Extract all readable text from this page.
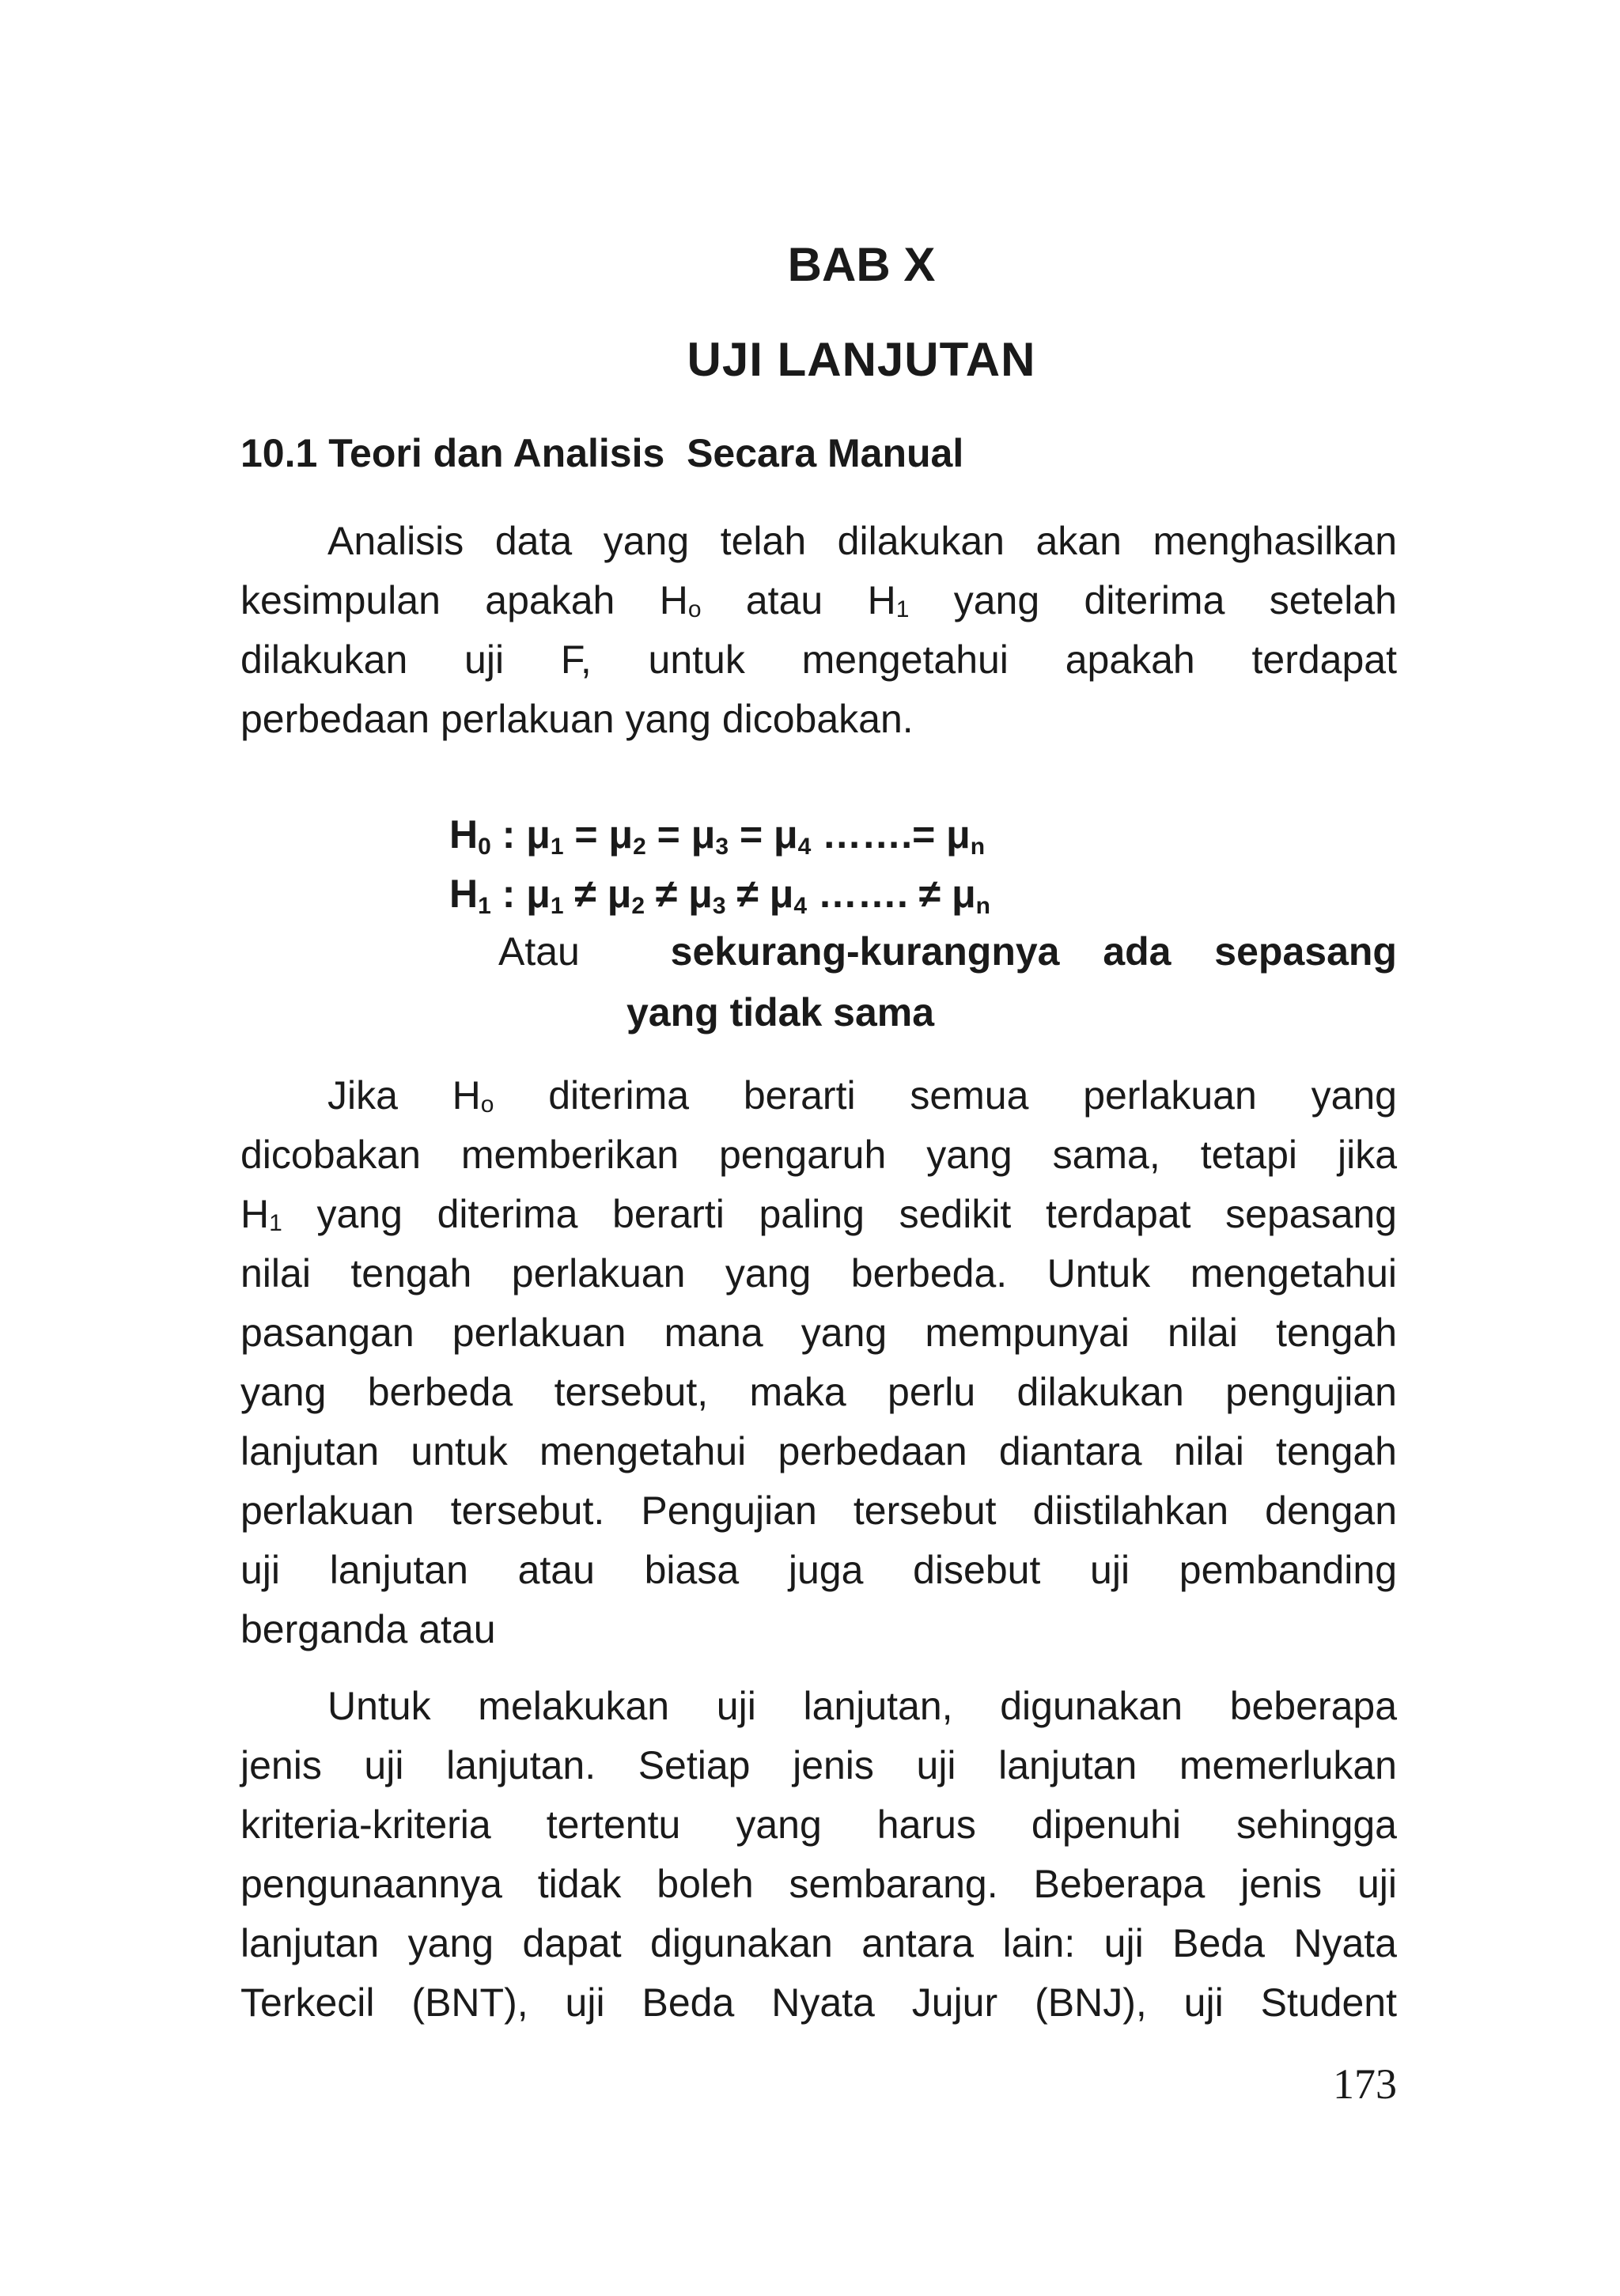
BAB X
UJI LANJUTAN
10.1 Teori dan Analisis  Secara Manual
Analisis data yang telah dilakukan akan menghasilkan
kesimpulan apakah Ho atau H1 yang diterima setelah
dilakukan uji F, untuk mengetahui apakah terdapat
perbedaan perlakuan yang dicobakan.
$H_0$ : $\mu_1 = \mu_2 = \mu_3 = \mu_4$ …….= $\mu_n$
$H_1$ : $\mu_1 \ne \mu_2 \ne \mu_3 \ne \mu_4$ ……. ≠ $\mu_n$
Atau sekurang-kurangnya ada sepasang
yang tidak sama
Jika Ho diterima berarti semua perlakuan yang
dicobakan memberikan pengaruh yang sama, tetapi jika
H1 yang diterima berarti paling sedikit terdapat sepasang
nilai tengah perlakuan yang berbeda. Untuk mengetahui
pasangan perlakuan mana yang mempunyai nilai tengah
yang berbeda tersebut, maka perlu dilakukan pengujian
lanjutan untuk mengetahui perbedaan diantara nilai tengah
perlakuan tersebut. Pengujian tersebut diistilahkan dengan
uji lanjutan atau biasa juga disebut uji pembanding
berganda atau
Untuk melakukan uji lanjutan, digunakan beberapa
jenis uji lanjutan. Setiap jenis uji lanjutan memerlukan
kriteria-kriteria tertentu yang harus dipenuhi sehingga
pengunaannya tidak boleh sembarang. Beberapa jenis uji
lanjutan yang dapat digunakan antara lain: uji Beda Nyata
Terkecil (BNT), uji Beda Nyata Jujur (BNJ), uji Student
173
